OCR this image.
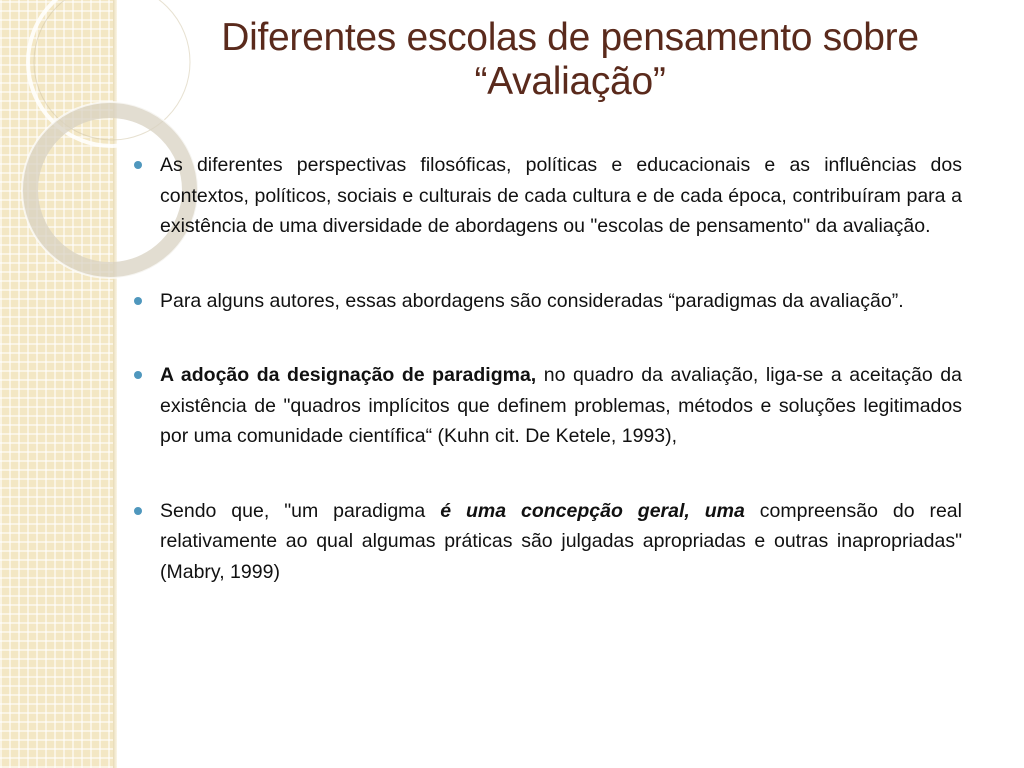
Diferentes escolas de pensamento sobre
“Avaliação”
As diferentes perspectivas filosóficas, políticas e educacionais e as influências dos contextos, políticos, sociais e culturais de cada cultura e de cada época, contribuíram para a existência de uma diversidade de abordagens ou "escolas de pensamento" da avaliação.
Para alguns autores, essas abordagens são consideradas “paradigmas da avaliação”.
A adoção da designação de paradigma, no quadro da avaliação, liga-se a aceitação da existência de "quadros implícitos que definem problemas, métodos e soluções legitimados por uma comunidade científica“ (Kuhn cit. De Ketele, 1993),
Sendo que, "um paradigma é uma concepção geral, uma compreensão do real relativamente ao qual algumas práticas são julgadas apropriadas e outras inapropriadas" (Mabry, 1999)
